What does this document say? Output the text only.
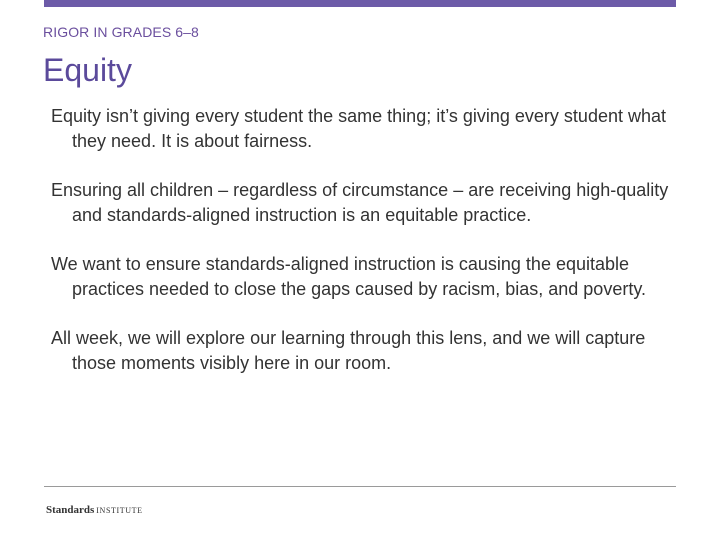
RIGOR IN GRADES 6–8
Equity

Equity isn’t giving every student the same thing; it’s giving every student what they need. It is about fairness.

Ensuring all children – regardless of circumstance – are receiving high-quality and standards-aligned instruction is an equitable practice.

We want to ensure standards-aligned instruction is causing the equitable practices needed to close the gaps caused by racism, bias, and poverty.

All week, we will explore our learning through this lens, and we will capture those moments visibly here in our room.

Standards INSTITUTE
